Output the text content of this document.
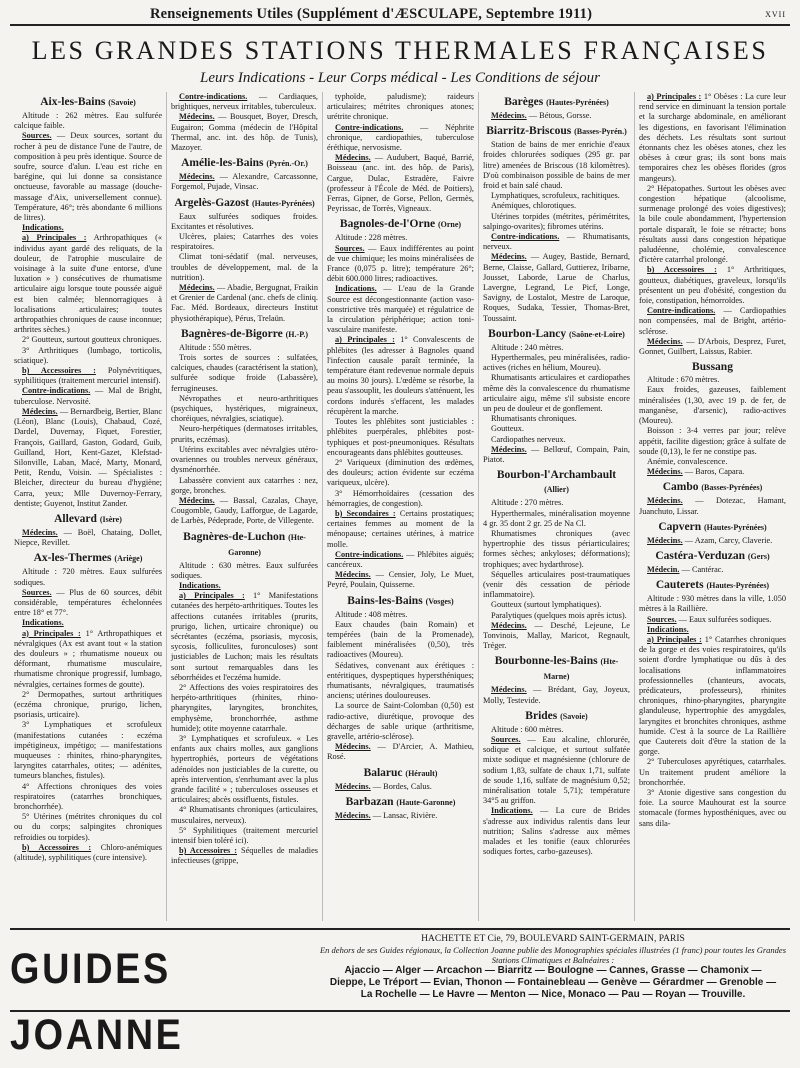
Renseignements Utiles (Supplément d'ÆSCULAPE, Septembre 1911)	XVII
LES GRANDES STATIONS THERMALES FRANÇAISES
Leurs Indications - Leur Corps médical - Les Conditions de séjour
Aix-les-Bains (Savoie)

Altitude : 262 mètres. Eau sulfurée calcique faible.

Sources. — Deux sources, sortant du rocher à peu de distance l'une de l'autre, de composition à peu près identique. Source de soufre, source d'alun. L'eau est riche en barégine, qui lui donne sa consistance onctueuse, favorable au massage (douche-massage d'Aix, universellement connue). Température, 46°; très abondante 6 millions de litres).

Indications.

a) Principales : Arthropathiques (« individus ayant gardé des reliquats, de la douleur, de l'atrophie musculaire de voisinage à la suite d'une entorse, d'une luxation » ) consécutives de rhumatisme articulaire aigu lorsque toute poussée aiguë est bien calmée; blennorragiques à localisations articulaires; toutes arthropathies chroniques de cause inconnue; arthrites sèches.)

2° Goutteux, surtout goutteux chroniques.

3° Arthritiques (lumbago, torticolis, sciatique).

b) Accessoires : Polynévritiques, syphilitiques (traitement mercuriel intensif).

Contre-indications. — Mal de Bright, tuberculose. Nervosité.

Médecins. — Bernardbeig, Bertier, Blanc (Léon), Blanc (Louis), Chabaud, Cozé, Dardel, Duvernay, Fiquet, Forestier, François, Gaillard, Gaston, Godard, Guib, Guilland, Hort, Kent-Gazet, Klefstad-Silonville, Laban, Macé, Marty, Monard, Petit, Rendu, Voisin. — Spécialistes : Bleicher, directeur du bureau d'hygiène; Carra, yeux; Mlle Duvernoy-Ferrary, dentiste; Guyenot, Institut Zander.

Allevard (Isère)

Médecins. — Boël, Chataing, Dollet, Niepce, Revillet.

Ax-les-Thermes (Ariège)

Altitude : 720 mètres. Eaux sulfurées sodiques.

Sources. — Plus de 60 sources, débit considérable, températures échelonnées entre 18° et 77°.

Indications.

a) Principales : 1° Arthropathiques et névralgiques (Ax est avant tout « la station des douleurs » ; rhumatisme noueux ou déformant, rhumatisme musculaire, rhumatisme chronique progressif, lumbago, névralgies, certaines formes de goutte).

2° Dermopathes, surtout arthritiques (eczéma chronique, prurigo, lichen, psoriasis, urticaire).

3° Lymphatiques et scrofuleux (manifestations cutanées : eczéma impétigineux, impétigo; — manifestations muqueuses : rhinites, rhino-pharyngites, laryngites catarrhales, otites; — adénites, tumeurs blanches, fistules).

4° Affections chroniques des voies respiratoires (catarrhes bronchiques, bronchorrhée).

5° Utérines (métrites chroniques du col ou du corps; salpingites chroniques refroidies ou torpides).

b) Accessoires : Chloro-anémiques (altitude), syphilitiques (cure intensive).

Contre-indications. — Cardiaques, brightiques, nerveux irritables, tuberculeux.

Médecins. — Bousquet, Boyer, Dresch, Eugairon; Gomma (médecin de l'Hôpital Thermal, anc. int. des hôp. de Tunis), Mazoyer.

Amélie-les-Bains (Pyrén.-Or.)

Médecins. — Alexandre, Carcassonne, Forgemol, Pujade, Vinsac.

Argelès-Gazost (Hautes-Pyrénées)

Eaux sulfurées sodiques froides. Excitantes et résolutives.

Ulcères, plaies; Catarrhes des voies respiratoires.

Climat toni-sédatif (mal. nerveuses, troubles de développement, mal. de la nutrition).

Médecins. — Abadie, Bergugnat, Fraikin et Grenier de Cardenal (anc. chefs de cliniq. Fac. Méd. Bordeaux, directeurs Institut physiothérapique), Pérus, Trelaün.

Bagnères-de-Bigorre (H.-P.)

Altitude : 550 mètres.

Trois sortes de sources : sulfatées, calciques, chaudes (caractérisent la station), sulfurée sodique froide (Labassère), ferrugineuses.

Névropathes et neuro-arthritiques (psychiques, hystériques, migraineux, choréiques, névralgies, sciatique).

Neuro-herpétiques (dermatoses irritables, prurits, eczémas).

Utérins excitables avec névralgies utéro-ovariennes ou troubles nerveux généraux, dysménorrhée.

Labassère convient aux catarrhes : nez, gorge, bronches.

Médecins. — Bassal, Cazalas, Chaye, Cougomble, Gaudy, Lafforgue, de Lagarde, de Larbès, Pédeprade, Porte, de Villegente.

Bagnères-de-Luchon (Hte-Garonne)

Altitude : 630 mètres. Eaux sulfurées sodiques.

Indications.

a) Principales : 1° Manifestations cutanées des herpéto-arthritiques. Toutes les affections cutanées irritables (prurits, prurigo, lichen, urticaire chronique) ou sécrétantes (eczéma, psoriasis, mycosis, sycosis, folliculites, furonculoses) sont justiciables de Luchon; mais les résultats sont surtout remarquables dans les séborrhéides et l'eczéma humide.

2° Affections des voies respiratoires des herpéto-arthritiques (rhinites, rhino-pharyngites, laryngites, bronchites, emphysème, bronchorrhée, asthme humide); otite moyenne catarrhale.

3° Lymphatiques et scrofuleux. « Les enfants aux chairs molles, aux ganglions hypertrophiés, porteurs de végétations adénoïdes non justiciables de la curette, ou après intervention, s'enrhumant avec la plus grande facilité » ; tuberculoses osseuses et articulaires; abcès ossifluents, fistules.

4° Rhumatisants chroniques (articulaires, musculaires, nerveux).

5° Syphilitiques (traitement mercuriel intensif bien toléré ici).

b) Accessoires : Séquelles de maladies infectieuses (grippe,

typhoïde, paludisme); raideurs articulaires; métrites chroniques atones; urétrite chronique.

Contre-indications. — Néphrite chronique, cardiopathies, tuberculose éréthique, nervosisme.

Médecins. — Audubert, Baqué, Barrié, Boisseau (anc. int. des hôp. de Paris), Cargue, Dulac, Estradère, Faivre (professeur à l'École de Méd. de Poitiers), Ferras, Gipner, de Gorse, Pellon, Germès, Peyrissac, de Torrès, Vigneaux.

Bagnoles-de-l'Orne (Orne)

Altitude : 228 mètres.

Sources. — Eaux indifférentes au point de vue chimique; les moins minéralisées de France (0,075 p. litre); température 26°; débit 600.000 litres; radioactives.

Indications. — L'eau de la Grande Source est décongestionnante (action vaso-constrictive très marquée) et régulatrice de la circulation périphérique; action toni-vasculaire manifeste.

a) Principales : 1° Convalescents de phlébites (les adresser à Bagnoles quand l'infection causale paraît terminée, la température étant redevenue normale depuis au moins 30 jours). L'œdème se résorbe, la peau s'assouplit, les douleurs s'atténuent, les cordons indurés s'effacent, les malades récupèrent la marche.

Toutes les phlébites sont justiciables : phlébites puerpérales, phlébites post-typhiques et post-pneumoniques. Résultats encourageants dans phlébites goutteuses.

2° Variqueux (diminution des œdèmes, des douleurs; action évidente sur eczéma variqueux, ulcère).

3° Hémorrhoïdaires (cessation des hémorragies, de congestion).

b) Secondaires : Certains prostatiques; certaines femmes au moment de la ménopause; certaines utérines, à matrice molle.

Contre-indications. — Phlébites aiguës; cancéreux.

Médecins. — Censier, Joly, Le Muet, Peyré, Poulain, Quisserne.

Bains-les-Bains (Vosges)

Altitude : 408 mètres.

Eaux chaudes (bain Romain) et tempérées (bain de la Promenade), faiblement minéralisées (0,50), très radioactives (Moureu).

Sédatives, convenant aux érétiques : entéritiques, dyspeptiques hypersthéniques; rhumatisants, névralgiques, traumatisés anciens; utérines douloureuses.

La source de Saint-Colomban (0,50) est radio-active, diurétique, provoque des décharges de sable urique (arthritisme, gravelle, artério-sclérose).

Médecins. — D'Arcier, A. Mathieu, Rosé.

Balaruc (Hérault)

Médecins. — Bordes, Calus.

Barbazan (Haute-Garonne)

Médecins. — Lansac, Rivière.

Barèges (Hautes-Pyrénées)

Médecins. — Bétous, Gorsse.

Biarritz-Briscous (Basses-Pyrén.)

Station de bains de mer enrichie d'eaux froides chlorurées sodiques (295 gr. par litre) amenées de Briscous (18 kilomètres). D'où combinaison possible de bains de mer froid et bain salé chaud.

Lymphatiques, scrofuleux, rachitiques.

Anémiques, chlorotiques.

Utérines torpides (métrites, périmétrites, salpingo-ovarites); fibromes utérins.

Contre-indications. — Rhumatisants, nerveux.

Médecins. — Augey, Bastide, Bernard, Berne, Claisse, Gallard, Guttierez, Iribarne, Jousset, Laborde, Larue de Charlus, Lavergne, Legrand, Le Picf, Longe, Savigny, de Lostalot, Mestre de Laroque, Roques, Sudaka, Tessier, Thomas-Bret, Toussaint.

Bourbon-Lancy (Saône-et-Loire)

Altitude : 240 mètres.

Hyperthermales, peu minéralisées, radio-actives (riches en hélium, Moureu).

Rhumatisants articulaires et cardiopathes même dès la convalescence du rhumatisme articulaire aigu, même s'il subsiste encore un peu de douleur et de gonflement.

Rhumatisants chroniques.

Goutteux.

Cardiopathes nerveux.

Médecins. — Bellœuf, Compain, Pain, Piatot.

Bourbon-l'Archambault (Allier)

Altitude : 270 mètres.

Hyperthermales, minéralisation moyenne 4 gr. 35 dont 2 gr. 25 de Na Cl.

Rhumatismes chroniques (avec hypertrophie des tissus périarticulaires; formes sèches; ankyloses; déformations); trophiques; avec hydarthrose).

Séquelles articulaires post-traumatiques (venir dès cessation de période inflammatoire).

Goutteux (surtout lymphatiques).

Paralytiques (quelques mois après ictus).

Médecins. — Desché, Lejeune, Le Tonvinois, Mallay, Maricot, Regnault, Tréger.

Bourbonne-les-Bains (Hte-Marne)

Médecins. — Brédant, Gay, Joyeux, Molly, Testevide.

Brides (Savoie)

Altitude : 600 mètres.

Sources. — Eau alcaline, chlorurée, sodique et calcique, et surtout sulfatée mixte sodique et magnésienne (chlorure de sodium 1,83, sulfate de chaux 1,71, sulfate de soude 1,16, sulfate de magnésium 0,52; minéralisation totale 5,71); température 34°5 au griffon.

Indications. — La cure de Brides s'adresse aux individus ralentis dans leur nutrition; Salins s'adresse aux mêmes malades et les tonifie (eaux chlorurées sodiques fortes, carbo-gazeuses).

a) Principales : 1° Obèses : La cure leur rend service en diminuant la tension portale et la surcharge abdominale, en améliorant les digestions, en favorisant l'élimination des déchets. Les résultats sont surtout étonnants chez les obèses atones, chez les obèses à cœur gras; ils sont bons mais temporaires chez les obèses florides (gros mangeurs).

2° Hépatopathes. Surtout les obèses avec congestion hépatique (alcoolisme, surmenage prolongé des voies digestives); la bile coule abondamment, l'hypertension portale disparaît, le foie se rétracte; bons résultats aussi dans congestion hépatique paludéenne, cholémie, convalescence d'ictère catarrhal prolongé.

b) Accessoires : 1° Arthritiques, goutteux, diabétiques, graveleux, lorsqu'ils présentent un peu d'obésité, congestion du foie, constipation, hémorroïdes.

Contre-indications. — Cardiopathies non compensées, mal de Bright, artério-sclérose.

Médecins. — D'Arbois, Desprez, Furet, Gonnet, Guilbert, Laissus, Rabier.

Bussang

Altitude : 670 mètres.

Eaux froides, gazeuses, faiblement minéralisées (1,30, avec 19 p. de fer, de manganèse, d'arsenic), radio-actives (Moureu).

Boisson : 3-4 verres par jour; relève appétit, facilite digestion; grâce à sulfate de soude (0,13), le fer ne constipe pas.

Anémie, convalescence.

Médecins. — Baros, Capara.

Cambo (Basses-Pyrénées)

Médecins. — Dotezac, Hamant, Juanchuto, Lissar.

Capvern (Hautes-Pyrénées)

Médecins. — Azam, Carcy, Claverie.

Castéra-Verduzan (Gers)

Médecin. — Cantérac.

Cauterets (Hautes-Pyrénées)

Altitude : 930 mètres dans la ville, 1.050 mètres à la Raillière.

Sources. — Eaux sulfurées sodiques.

Indications.

a) Principales : 1° Catarrhes chroniques de la gorge et des voies respiratoires, qu'ils soient d'ordre lymphatique ou dûs à des localisations inflammatoires professionnelles (chanteurs, avocats, prédicateurs, professeurs), rhinites chroniques, rhino-pharyngites, pharyngite glanduleuse, hypertrophie des amygdales, laryngites et bronchites chroniques, asthme humide. C'est à la source de La Raillière que Cauterets doit d'être la station de la gorge.

2° Tuberculoses apyrétiques, catarrhales. Un traitement prudent améliore la bronchorrhée.

3° Atonie digestive sans congestion du foie. La source Mauhourat est la source stomacale (formes hyposthéniques, avec ou sans dila-

GUIDES JOANNE
HACHETTE ET Cie, 79, BOULEVARD SAINT-GERMAIN, PARIS
En dehors de ses Guides régionaux, la Collection Joanne publie des Monographies spéciales illustrées (1 franc) pour toutes les Grandes Stations Climatiques et Balnéaires :
Ajaccio — Alger — Arcachon — Biarritz — Boulogne — Cannes, Grasse — Chamonix —
Dieppe, Le Tréport — Evian, Thonon — Fontainebleau — Genève — Gérardmer — Grenoble —
La Rochelle — Le Havre — Menton — Nice, Monaco — Pau — Royan — Trouville.
